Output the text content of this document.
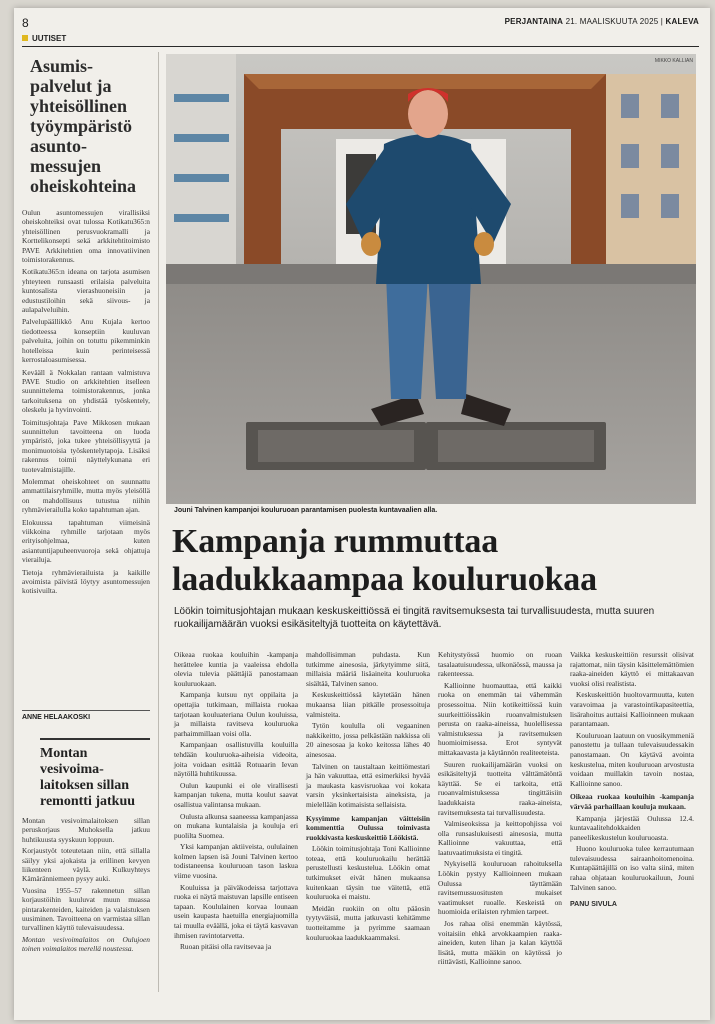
8	PERJANTAINA 21. MAALISKUUTA 2025 | KALEVA
UUTISET
Asumis-palvelut ja yhteisöllinen työympäristö asunto-messujen oheiskohteina

Oulun asuntomessujen virallisiksi oheiskohteiksi ovat tulossa Kotikatu365:n yhteisöllinen perusvuokramalli ja Korttelikonsepti sekä arkkitehtitoimisto PAVE Arkkitehtien oma innovatiivinen toimistorakennus.

Kotikatu365:n ideana on tarjota asumisen yhteyteen runsaasti erilaisia palveluita kuntosalista vierashuoneisiin ja edustustiloihin sekä siivous- ja aulapalveluihin.

Palvelupäällikkö Anu Kujala kertoo tiedotteessa konseptiin kuuluvan palveluita, joihin on totuttu pikemminkin hotelleissa kuin perinteisessä kerrostaloasumisessa.

Kevääll ä Nokkalan rantaan valmistuva PAVE Studio on arkkitehtien itselleen suunnittelema toimistorakennus, jonka tarkoituksena on yhdistää työskentely, oleskelu ja hyvinvointi.

Toimitusjohtaja Pave Mikkosen mukaan suunnittelun tavoitteena on luoda ympäristö, joka tukee yhteisöllisyyttä ja monimuotoisia työskentelytapoja. Lisäksi rakennus toimii näyttelykunana eri tuotevalmistajille.

Molemmat oheiskohteet on suunnattu ammattilaisryhmille, mutta myös yleisöllä on mahdollisuus tutustua niihin ryhmävierailulla koko tapahtuman ajan.

Elokuussa tapahtuman viimeisinä viikkoina ryhmille tarjotaan myös erityisohjelmaa, kuten asiantuntijapuheenvuoroja sekä ohjattuja vierailuja.

Tietoja ryhmävierailuista ja kaikille avoimista päivistä löytyy asuntomessujen kotisivuilta.

ANNE HELAAKOSKI
Montan vesivoima-laitoksen sillan remontti jatkuu

Montan vesivoimalaitoksen sillan peruskorjaus Muhoksella jatkuu huhtikuusta syyskuun loppuun.

Korjaustyöt toteutetaan niin, että sillalla säilyy yksi ajokaista ja erillinen kevyen liikenteen väylä. Kulkuyhteys Kämäränniemeen pysyy auki.

Vuosina 1955–57 rakennetun sillan korjaustöihin kuuluvat muun muassa pintarakenteiden, kaiteiden ja valaistuksen uusiminen. Tavoitteena on varmistaa sillan turvallinen käyttö tulevaisuudessa.

Montan vesivoimalaitos on Oulujoen toinen voimalaitos merellä noustessa.

MIKKO KALLIAN
Jouni Talvinen kampanjoi kouluruoan parantamisen puolesta kuntavaalien alla.
Kampanja rummuttaa laadukkaampaa kouluruokaa
Löökin toimitusjohtajan mukaan keskuskeittiössä ei tingitä ravitsemuksesta tai turvallisuudesta, mutta suuren ruokailijamäärän vuoksi esikäsiteltyjä tuotteita on käytettävä.

Oikeaa ruokaa kouluihin -kampanja herättelee kuntia ja vaaleissa ehdolla olevia tulevia päättäjiä panostamaan kouluruokaan.

Kampanja kutsuu nyt oppilaita ja opettajia tutkimaan, millaista ruokaa tarjotaan kouluaterianа Oulun kouluissa, ja millaista ravitseva kouluruoka parhaimmillaan voisi olla.

Kampanjaan osallistuvilla kouluilla tehdään kouluruoka-aiheisia videoita, joita voidaan esittää Rotuaarin Ievan näytöllä huhtikuussa.

Oulun kaupunki ei ole virallisesti kampanjan tukena, mutta koulut saavat osallistua valintansa mukaan.

Oulusta alkunsa saaneessa kampanjassa on mukana kuntalaisia ja kouluja eri puolilta Suomea.

Yksi kampanjan aktiiveista, oululainen kolmen lapsen isä Jouni Talvinen kertoo todistaneensa kouluruoan tason laskua viime vuosina.

Kouluissa ja päiväkodeissa tarjottava ruoka ei näytä maistuvan lapsille entiseen tapaan. Koululainen korvaa lounaan usein kaupasta haetuilla energiajuomilla tai muulla eväällä, joka ei täytä kasvavan ihmisen ravintotarvetta.

Ruoan pitäisi olla ravitsevaa ja

mahdollisimman puhdasta. Kun tutkimme ainesosia, järkytyimme siitä, millaisia määriä lisäaineita kouluruoka sisältää, Talvinen sanoo.

Keskuskeittiössä käytetään hänen mukaansa liian pitkälle prosessoituja valmisteita.

Tytön koululla oli vegaaninen nakkikeitto, jossa pelkästään nakkissa oli 20 ainesosaa ja koko keitossa lähes 40 ainesosaa.

Talvinen on taustaltaan keittiömestari ja hän vakuuttaa, että esimerkiksi hyvää ja maukasta kasvisruokaa voi kokata varsin yksinkertaisista aineksista, ja mielellään kotimaisista sellaisista.

Kysyimme kampanjan väitteisiin kommenttia Oulussa toimivasta ruokkivasta keskuskeittiö Löökistä.

Löökin toimitusjohtaja Toni Kallioinne toteaa, että kouluruokailu herättää perustellusti keskustelua. Löökin omat tutkimukset eivät hänen mukaansa kuitenkaan täysin tue väitettä, että kouluruoka ei maistu.

Meidän ruokiin on oltu pääosin tyytyväisiä, mutta jatkuvasti kehitämme tuotteitamme ja pyrimme saamaan kouluruokaa laadukkaammaksi.

Kehitystyössä huomio on ruoan tasalaatuisuudessa, ulkonäössä, maussa ja rakenteessa.

Kallioinne huomauttaa, että kaikki ruoka on enemmän tai vähemmän prosessoitua. Niin kotikeittiössä kuin suurkeittiöissäkin ruoanvalmistuksen perusta on raaka-aineissa, huolellisessa valmistuksessa ja ravitsemuksen huomioimisessa. Erot syntyvät mittakaavasta ja käytännön realiteeteista.

Suuren ruokailijamäärän vuoksi on esikäsiteltyjä tuotteita välttämätöntä käyttää. Se ei tarkoita, että ruoanvalmistuksessa tingittäisiin laadukkaista raaka-aineista, ravitsemuksesta tai turvallisuudesta.

Valmiseoksissa ja keittopohjissa voi olla runsaslukuisesti ainesosia, mutta Kallioinne vakuuttaa, että laatuvaatimuksista ei tingitä.

Nykyisellä kouluruoan rahoituksella Löökin pystyy Kallioinneen mukaan Oulussa täyttämään ravitsemussuositusten mukaiset vaatimukset ruoalle. Keskeistä on huomioida erilaisten ryhmien tarpeet.

Jos rahaa olisi enemmän käytössä, voitaisiin ehkä arvokkaampien raaka-aineiden, kuten lihan ja kalan käyttöä lisätä, mutta määkin on käytössä jo riittävästi, Kallioinne sanoo.

Vaikka keskuskeittiön resurssit olisivat rajattomat, niin täysin käsittelemättömien raaka-aineiden käyttö ei mittakaavan vuoksi olisi realistista.

Keskuskeittiön huoltovarmuutta, kuten varavoimaa ja varastointikapasiteettia, lisärahoitus auttaisi Kallioinneen mukaan parantamaan.

Kouluruoan laatuun on vuosikymmeniä panostettu ja tullaan tulevaisuudessakin panostamaan. On käytävä avointa keskustelua, miten kouluruoan arvostusta voidaan muillakin tavoin nostaa, Kallioinne sanoo.

Oikeaa ruokaa kouluihin -kampanja värvää parhaillaan kouluja mukaan.

Kampanja järjestää Oulussa 12.4. kuntavaalitehdokkaiden paneelikeskustelun kouluruoasta.

Huono kouluruoka tulee kerrautumaan tulevaisuudessa sairaanhoitomenoina. Kuntapäättäjillä on iso valta siinä, miten rahaa ohjataan kouluruokailuun, Jouni Talvinen sanoo.

PANU SIVULA
